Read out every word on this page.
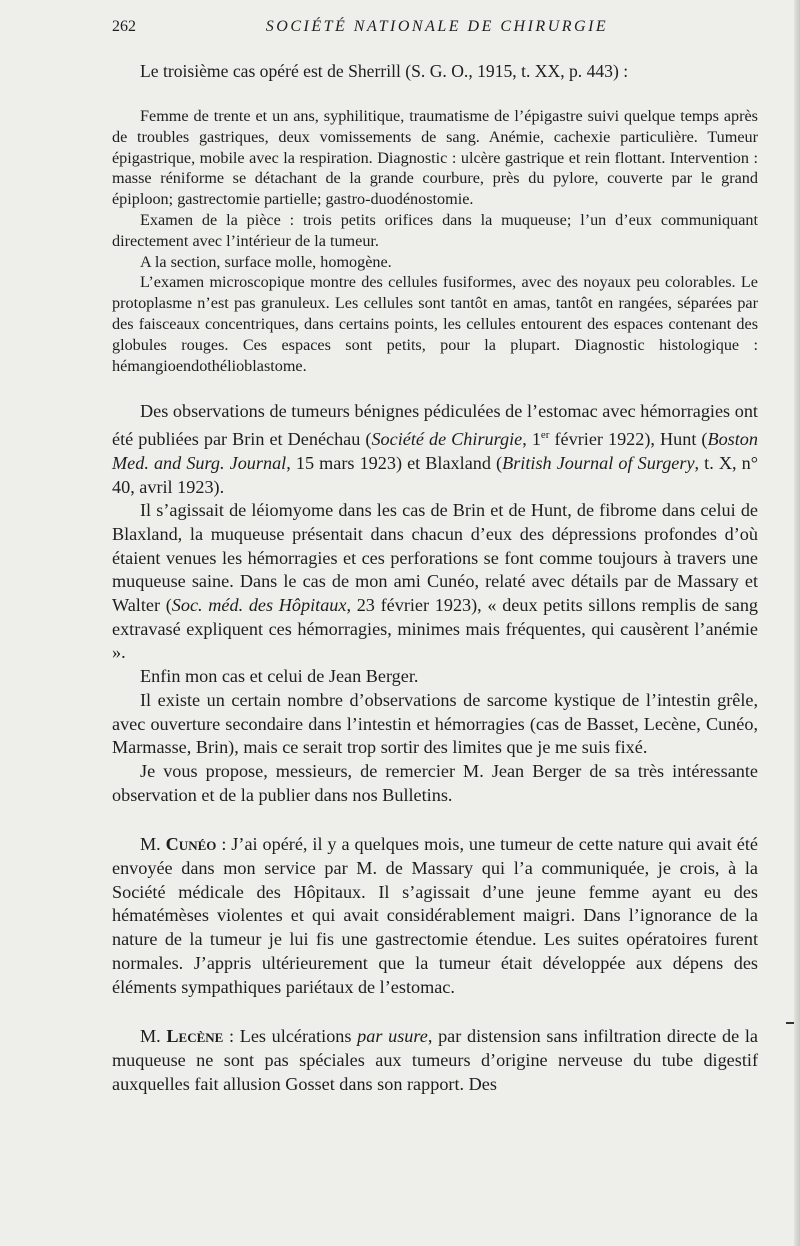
262	SOCIÉTÉ NATIONALE DE CHIRURGIE

Le troisième cas opéré est de Sherrill (S. G. O., 1915, t. XX, p. 443) :

Femme de trente et un ans, syphilitique, traumatisme de l’épigastre suivi quelque temps après de troubles gastriques, deux vomissements de sang. Anémie, cachexie particulière. Tumeur épigastrique, mobile avec la respiration. Diagnostic : ulcère gastrique et rein flottant. Intervention : masse réniforme se détachant de la grande courbure, près du pylore, couverte par le grand épiploon; gastrectomie partielle; gastro-duodénostomie.

Examen de la pièce : trois petits orifices dans la muqueuse; l’un d’eux communiquant directement avec l’intérieur de la tumeur.

A la section, surface molle, homogène.

L’examen microscopique montre des cellules fusiformes, avec des noyaux peu colorables. Le protoplasme n’est pas granuleux. Les cellules sont tantôt en amas, tantôt en rangées, séparées par des faisceaux concentriques, dans certains points, les cellules entourent des espaces contenant des globules rouges. Ces espaces sont petits, pour la plupart. Diagnostic histologique : hémangioendothélioblastome.

Des observations de tumeurs bénignes pédiculées de l’estomac avec hémorragies ont été publiées par Brin et Denéchau (Société de Chirurgie, 1er février 1922), Hunt (Boston Med. and Surg. Journal, 15 mars 1923) et Blaxland (British Journal of Surgery, t. X, n° 40, avril 1923).

Il s’agissait de léiomyome dans les cas de Brin et de Hunt, de fibrome dans celui de Blaxland, la muqueuse présentait dans chacun d’eux des dépressions profondes d’où étaient venues les hémorragies et ces perforations se font comme toujours à travers une muqueuse saine. Dans le cas de mon ami Cunéo, relaté avec détails par de Massary et Walter (Soc. méd. des Hôpitaux, 23 février 1923), « deux petits sillons remplis de sang extravasé expliquent ces hémorragies, minimes mais fréquentes, qui causèrent l’anémie ».

Enfin mon cas et celui de Jean Berger.

Il existe un certain nombre d’observations de sarcome kystique de l’intestin grêle, avec ouverture secondaire dans l’intestin et hémorragies (cas de Basset, Lecène, Cunéo, Marmasse, Brin), mais ce serait trop sortir des limites que je me suis fixé.

Je vous propose, messieurs, de remercier M. Jean Berger de sa très intéressante observation et de la publier dans nos Bulletins.

M. Cunéo : J’ai opéré, il y a quelques mois, une tumeur de cette nature qui avait été envoyée dans mon service par M. de Massary qui l’a communiquée, je crois, à la Société médicale des Hôpitaux. Il s’agissait d’une jeune femme ayant eu des hématémèses violentes et qui avait considérablement maigri. Dans l’ignorance de la nature de la tumeur je lui fis une gastrectomie étendue. Les suites opératoires furent normales. J’appris ultérieurement que la tumeur était développée aux dépens des éléments sympathiques pariétaux de l’estomac.

M. Lecène : Les ulcérations par usure, par distension sans infiltration directe de la muqueuse ne sont pas spéciales aux tumeurs d’origine nerveuse du tube digestif auxquelles fait allusion Gosset dans son rapport. Des
